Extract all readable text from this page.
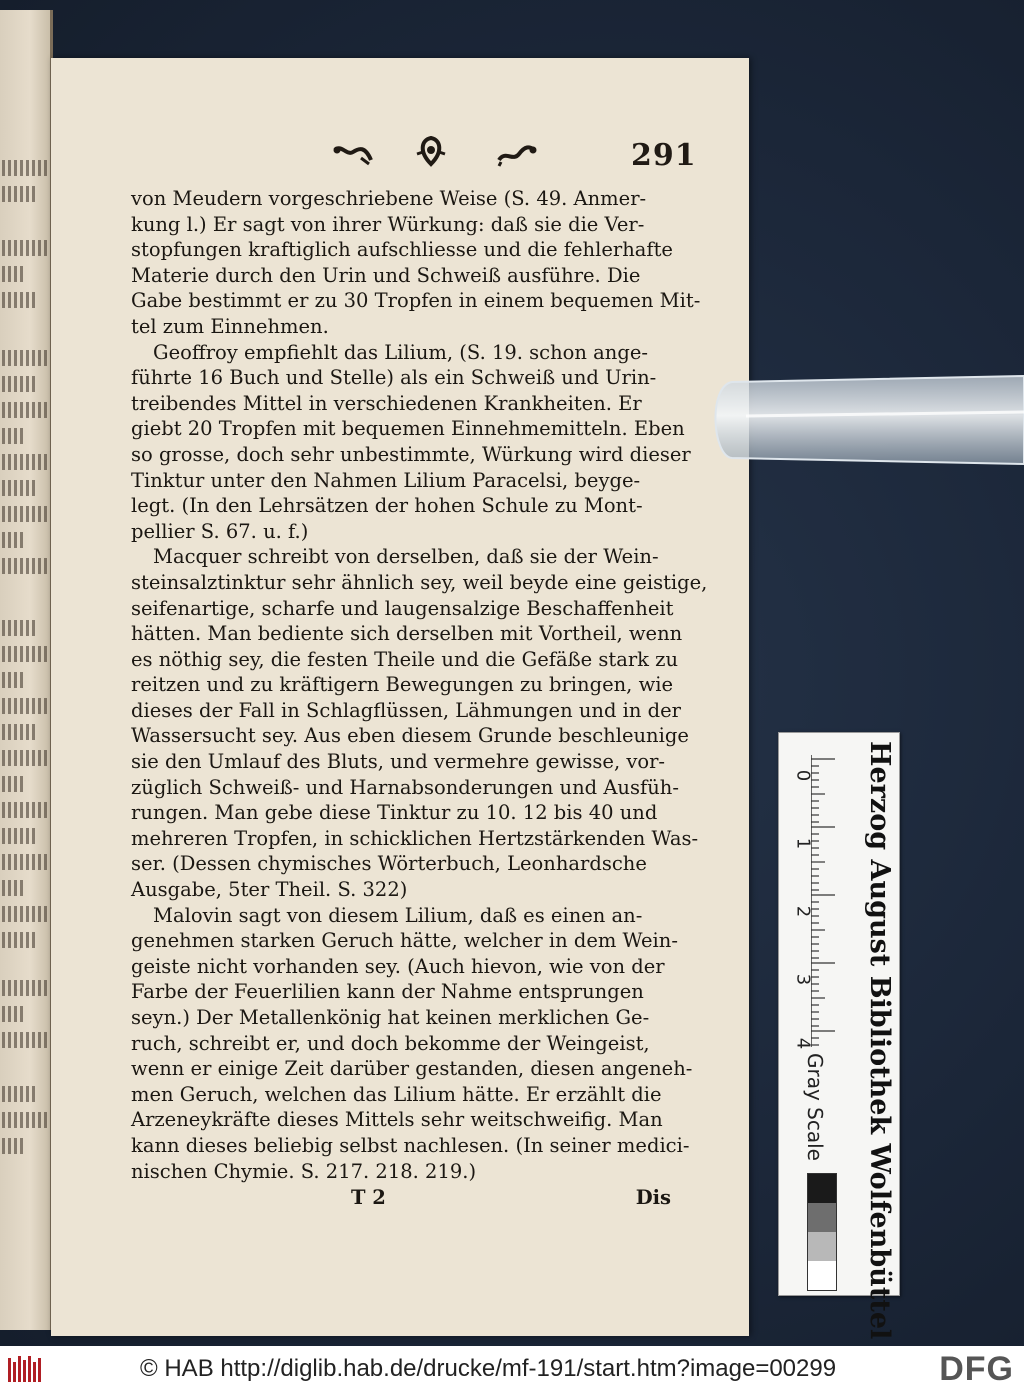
291
von Meudern vorgeschriebene Weise (S. 49. Anmer-
kung l.) Er sagt von ihrer Würkung: daß sie die Ver-
stopfungen kraftiglich aufschliesse und die fehlerhafte
Materie durch den Urin und Schweiß ausführe. Die
Gabe bestimmt er zu 30 Tropfen in einem bequemen Mit-
tel zum Einnehmen.
Geoffroy empfiehlt das Lilium, (S. 19. schon ange-
führte 16 Buch und Stelle) als ein Schweiß und Urin-
treibendes Mittel in verschiedenen Krankheiten. Er
giebt 20 Tropfen mit bequemen Einnehmemitteln. Eben
so grosse, doch sehr unbestimmte, Würkung wird dieser
Tinktur unter den Nahmen Lilium Paracelsi, beyge-
legt. (In den Lehrsätzen der hohen Schule zu Mont-
pellier S. 67. u. f.)
Macquer schreibt von derselben, daß sie der Wein-
steinsalztinktur sehr ähnlich sey, weil beyde eine geistige,
seifenartige, scharfe und laugensalzige Beschaffenheit
hätten. Man bediente sich derselben mit Vortheil, wenn
es nöthig sey, die festen Theile und die Gefäße stark zu
reitzen und zu kräftigern Bewegungen zu bringen, wie
dieses der Fall in Schlagflüssen, Lähmungen und in der
Wassersucht sey. Aus eben diesem Grunde beschleunige
sie den Umlauf des Bluts, und vermehre gewisse, vor-
züglich Schweiß- und Harnabsonderungen und Ausfüh-
rungen. Man gebe diese Tinktur zu 10. 12 bis 40 und
mehreren Tropfen, in schicklichen Hertzstärkenden Was-
ser. (Dessen chymisches Wörterbuch, Leonhardsche
Ausgabe, 5ter Theil. S. 322)
Malovin sagt von diesem Lilium, daß es einen an-
genehmen starken Geruch hätte, welcher in dem Wein-
geiste nicht vorhanden sey. (Auch hievon, wie von der
Farbe der Feuerlilien kann der Nahme entsprungen
seyn.) Der Metallenkönig hat keinen merklichen Ge-
ruch, schreibt er, und doch bekomme der Weingeist,
wenn er einige Zeit darüber gestanden, diesen angeneh-
men Geruch, welchen das Lilium hätte. Er erzählt die
Arzeneykräfte dieses Mittels sehr weitschweifig. Man
kann dieses beliebig selbst nachlesen. (In seiner medici-
nischen Chymie. S. 217. 218. 219.)
T 2	Dis
0
1
2
3
4
Gray Scale	Herzog August Bibliothek Wolfenbüttel
© HAB http://diglib.hab.de/drucke/mf-191/start.htm?image=00299	DFG
